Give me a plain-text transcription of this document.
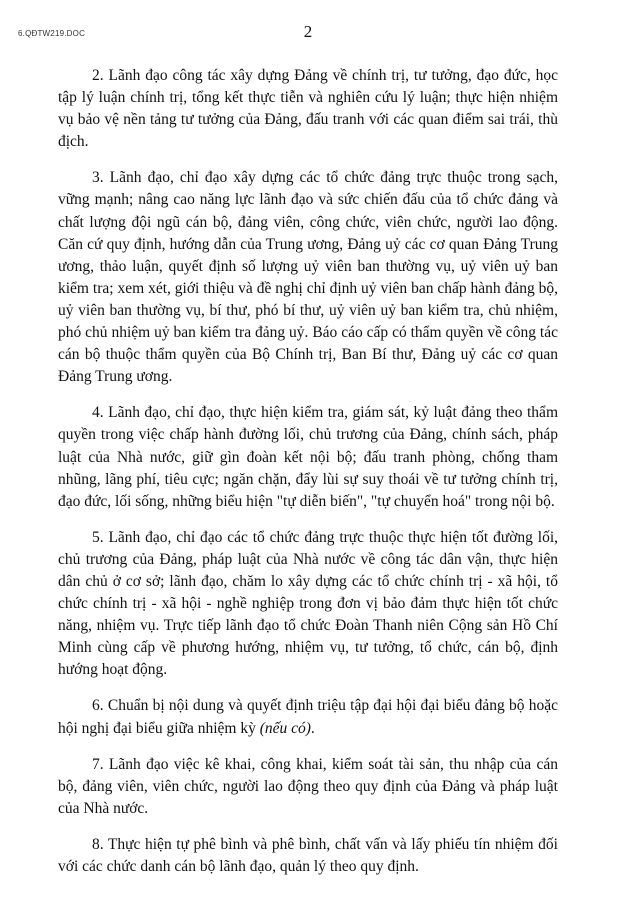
6.QĐTW219.DOC	2

2. Lãnh đạo công tác xây dựng Đảng về chính trị, tư tưởng, đạo đức, học tập lý luận chính trị, tổng kết thực tiễn và nghiên cứu lý luận; thực hiện nhiệm vụ bảo vệ nền tảng tư tưởng của Đảng, đấu tranh với các quan điểm sai trái, thù địch.

3. Lãnh đạo, chỉ đạo xây dựng các tổ chức đảng trực thuộc trong sạch, vững mạnh; nâng cao năng lực lãnh đạo và sức chiến đấu của tổ chức đảng và chất lượng đội ngũ cán bộ, đảng viên, công chức, viên chức, người lao động. Căn cứ quy định, hướng dẫn của Trung ương, Đảng uỷ các cơ quan Đảng Trung ương, thảo luận, quyết định số lượng uỷ viên ban thường vụ, uỷ viên uỷ ban kiểm tra; xem xét, giới thiệu và đề nghị chỉ định uỷ viên ban chấp hành đảng bộ, uỷ viên ban thường vụ, bí thư, phó bí thư, uỷ viên uỷ ban kiểm tra, chủ nhiệm, phó chủ nhiệm uỷ ban kiểm tra đảng uỷ. Báo cáo cấp có thẩm quyền về công tác cán bộ thuộc thẩm quyền của Bộ Chính trị, Ban Bí thư, Đảng uỷ các cơ quan Đảng Trung ương.

4. Lãnh đạo, chỉ đạo, thực hiện kiểm tra, giám sát, kỷ luật đảng theo thẩm quyền trong việc chấp hành đường lối, chủ trương của Đảng, chính sách, pháp luật của Nhà nước, giữ gìn đoàn kết nội bộ; đấu tranh phòng, chống tham nhũng, lãng phí, tiêu cực; ngăn chặn, đẩy lùi sự suy thoái về tư tưởng chính trị, đạo đức, lối sống, những biểu hiện "tự diễn biến", "tự chuyển hoá" trong nội bộ.

5. Lãnh đạo, chỉ đạo các tổ chức đảng trực thuộc thực hiện tốt đường lối, chủ trương của Đảng, pháp luật của Nhà nước về công tác dân vận, thực hiện dân chủ ở cơ sở; lãnh đạo, chăm lo xây dựng các tổ chức chính trị - xã hội, tổ chức chính trị - xã hội - nghề nghiệp trong đơn vị bảo đảm thực hiện tốt chức năng, nhiệm vụ. Trực tiếp lãnh đạo tổ chức Đoàn Thanh niên Cộng sản Hồ Chí Minh cùng cấp về phương hướng, nhiệm vụ, tư tưởng, tổ chức, cán bộ, định hướng hoạt động.

6. Chuẩn bị nội dung và quyết định triệu tập đại hội đại biểu đảng bộ hoặc hội nghị đại biểu giữa nhiệm kỳ (nếu có).

7. Lãnh đạo việc kê khai, công khai, kiểm soát tài sản, thu nhập của cán bộ, đảng viên, viên chức, người lao động theo quy định của Đảng và pháp luật của Nhà nước.

8. Thực hiện tự phê bình và phê bình, chất vấn và lấy phiếu tín nhiệm đối với các chức danh cán bộ lãnh đạo, quản lý theo quy định.
